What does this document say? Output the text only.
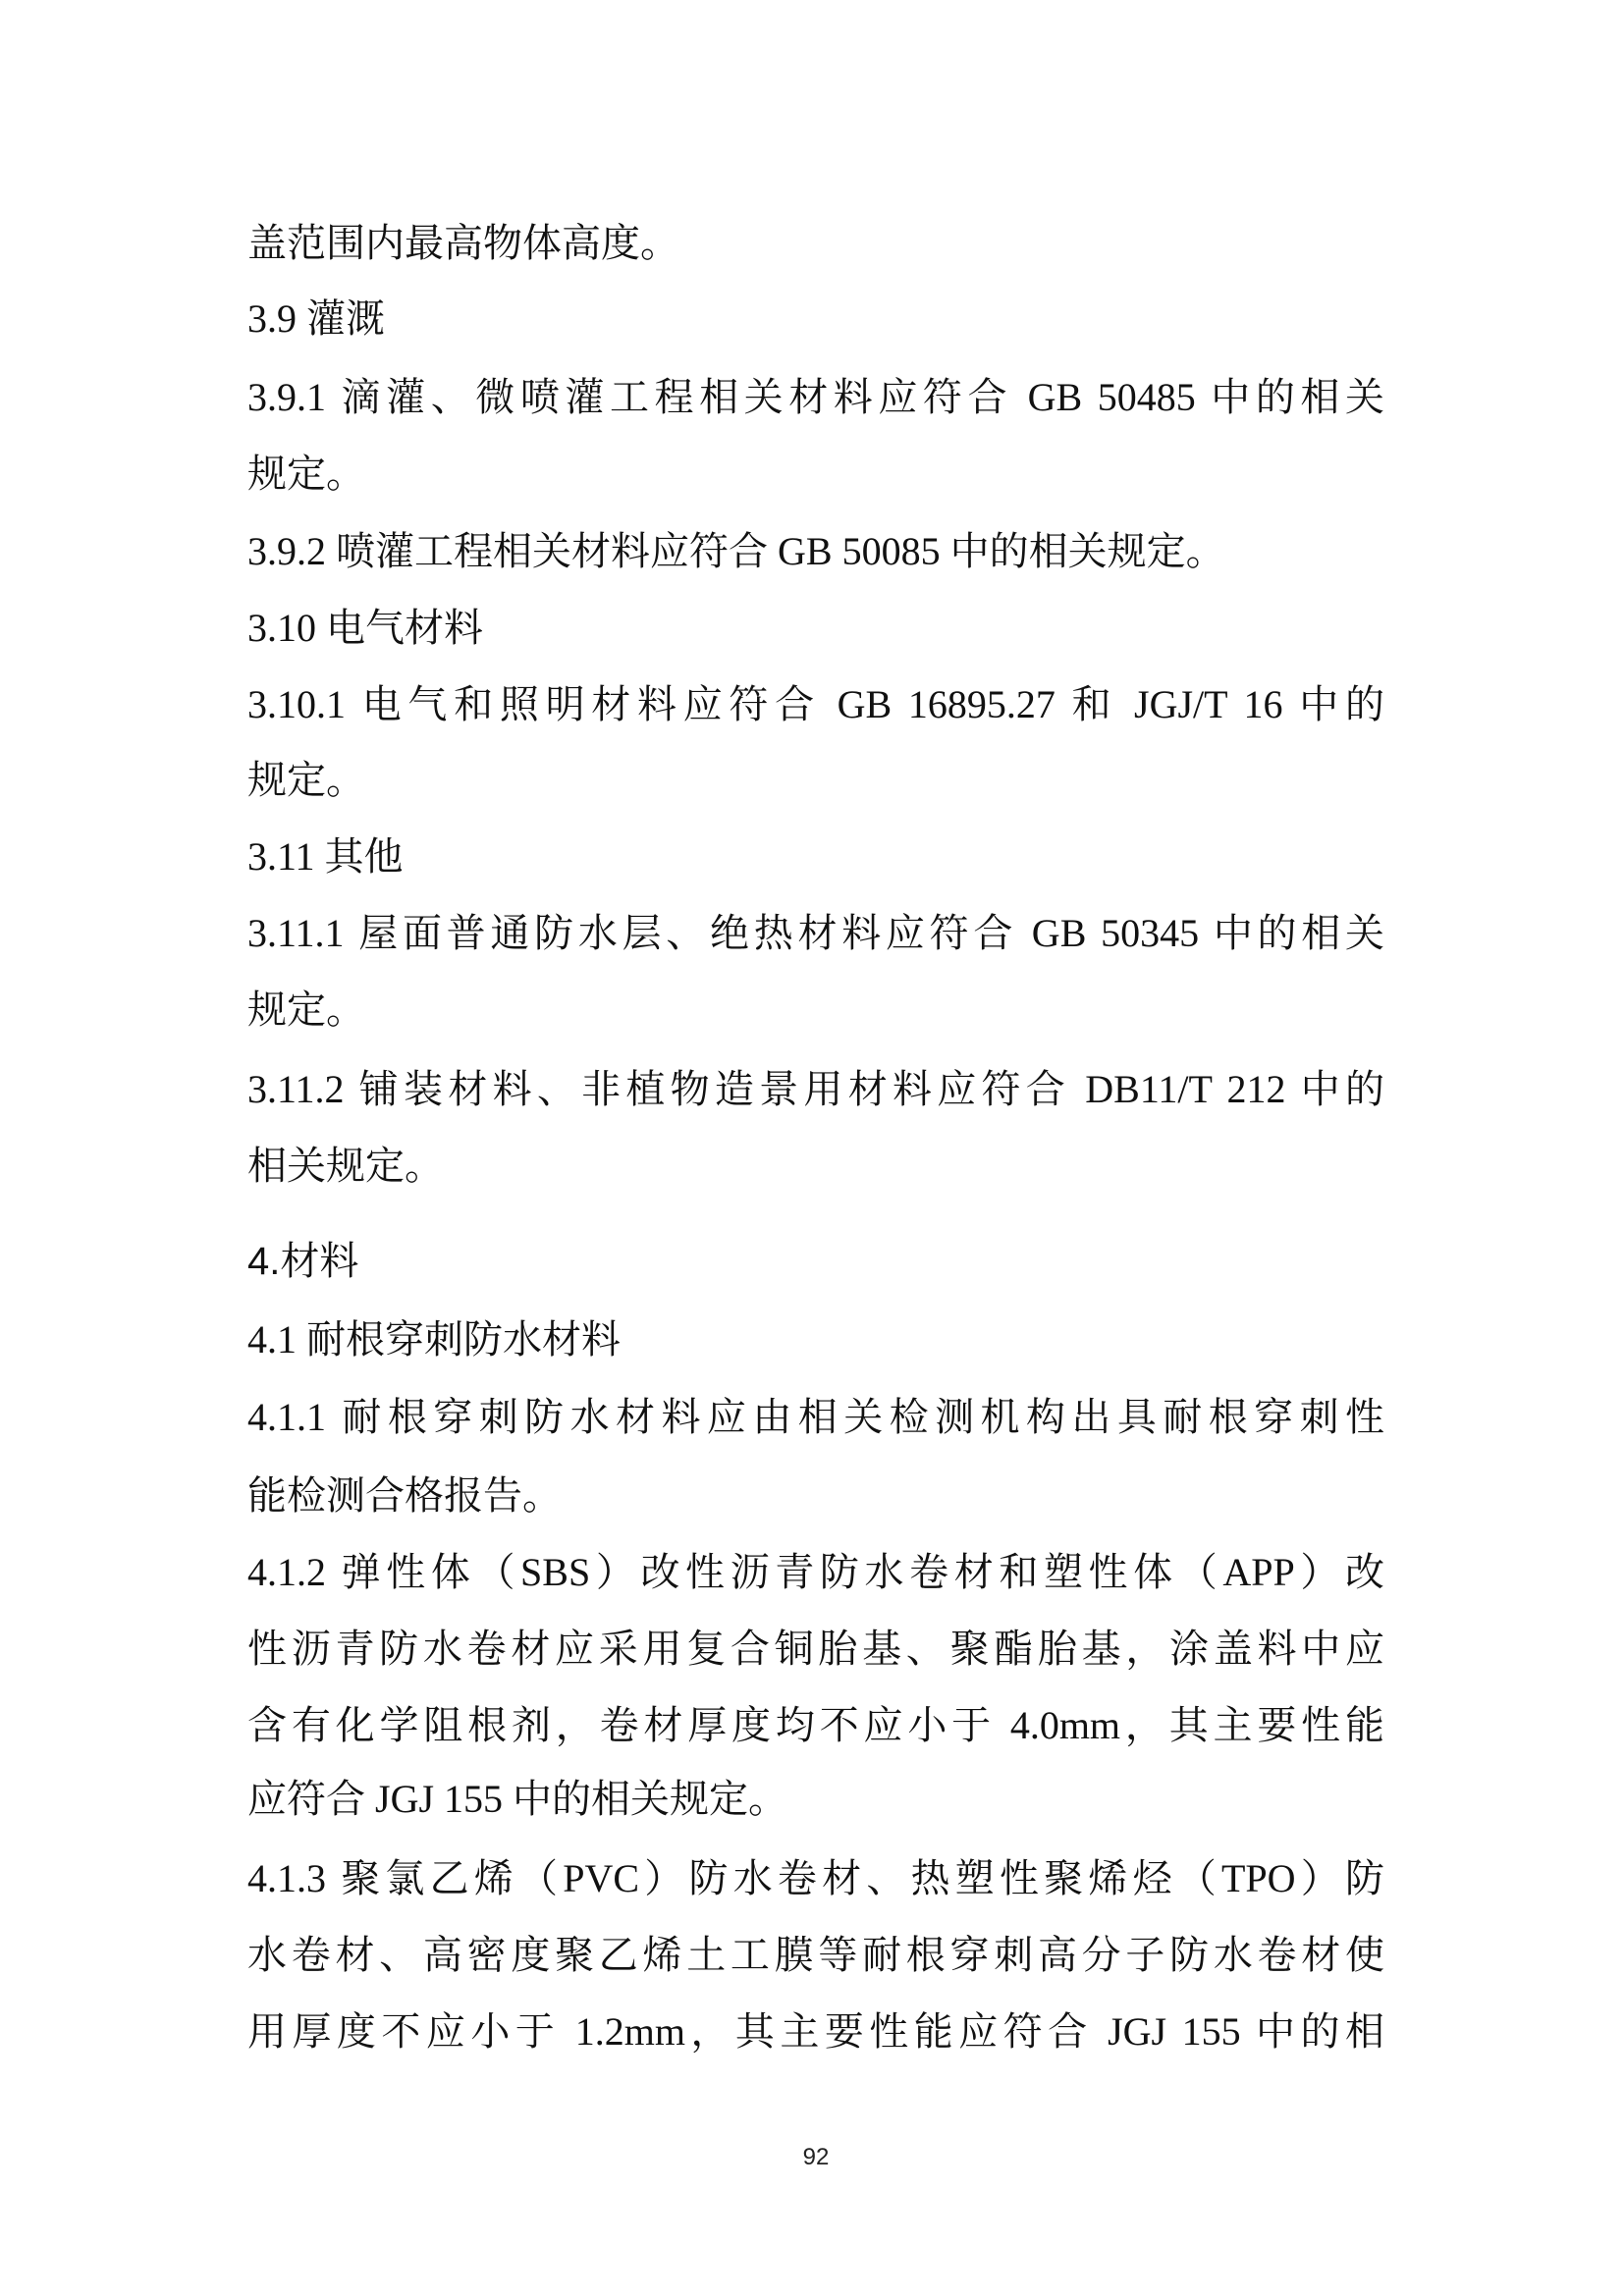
盖范围内最高物体高度。
3.9 灌溉
3.9.1 滴灌、微喷灌工程相关材料应符合 GB 50485 中的相关
规定。
3.9.2 喷灌工程相关材料应符合 GB 50085 中的相关规定。
3.10 电气材料
3.10.1 电气和照明材料应符合 GB 16895.27 和 JGJ/T 16 中的
规定。
3.11 其他
3.11.1 屋面普通防水层、绝热材料应符合 GB 50345 中的相关
规定。
3.11.2 铺装材料、非植物造景用材料应符合 DB11/T 212 中的
相关规定。
4.材料
4.1 耐根穿刺防水材料
4.1.1 耐根穿刺防水材料应由相关检测机构出具耐根穿刺性
能检测合格报告。
4.1.2 弹性体（SBS）改性沥青防水卷材和塑性体（APP）改
性沥青防水卷材应采用复合铜胎基、聚酯胎基，涂盖料中应
含有化学阻根剂，卷材厚度均不应小于 4.0mm，其主要性能
应符合 JGJ 155 中的相关规定。
4.1.3 聚氯乙烯（PVC）防水卷材、热塑性聚烯烃（TPO）防
水卷材、高密度聚乙烯土工膜等耐根穿刺高分子防水卷材使
用厚度不应小于 1.2mm，其主要性能应符合 JGJ 155 中的相
92
